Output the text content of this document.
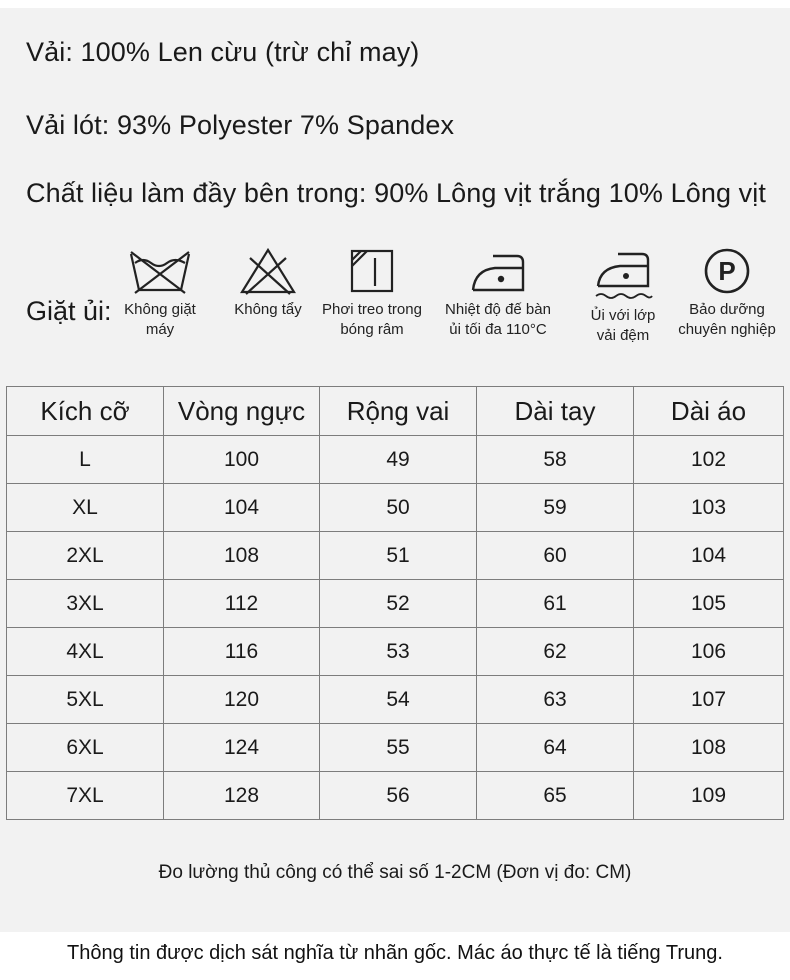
Vải: 100% Len cừu (trừ chỉ may)
Vải lót: 93% Polyester 7% Spandex
Chất liệu làm đầy bên trong: 90% Lông vịt trắng 10% Lông vịt
Giặt ủi: Không giặt
máy
Không tẩy	Phơi treo trong
bóng râm
Nhiệt độ đế bàn
ủi tối đa 110°C
Ủi với lớp
vải đệm
P
Bảo dưỡng
chuyên nghiệp
Kích cỡ	Vòng ngực	Rộng vai	Dài tay	Dài áo
L	100	49	58	102
XL	104	50	59	103
2XL	108	51	60	104
3XL	112	52	61	105
4XL	116	53	62	106
5XL	120	54	63	107
6XL	124	55	64	108
7XL	128	56	65	109
Đo lường thủ công có thể sai số 1-2CM (Đơn vị đo: CM)
Thông tin được dịch sát nghĩa từ nhãn gốc. Mác áo thực tế là tiếng Trung.
